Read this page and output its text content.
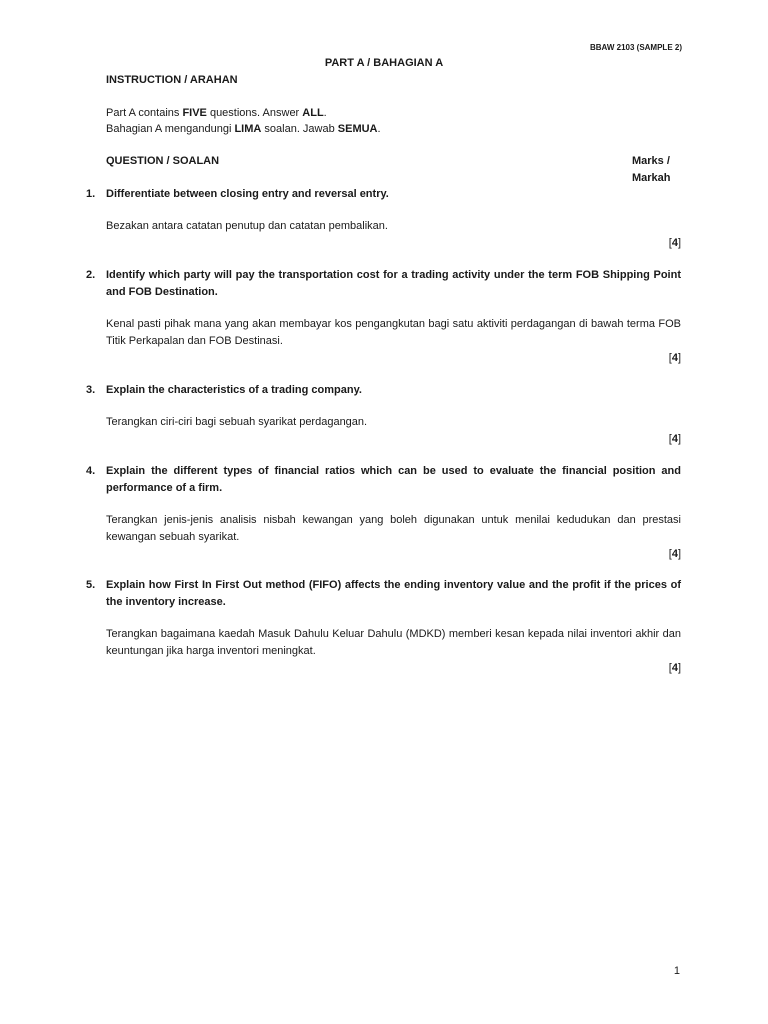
BBAW 2103 (SAMPLE 2)
PART A / BAHAGIAN A
INSTRUCTION / ARAHAN
Part A contains FIVE questions. Answer ALL.
Bahagian A mengandungi LIMA soalan. Jawab SEMUA.
QUESTION / SOALAN	Marks /
Markah
1. Differentiate between closing entry and reversal entry.
Bezakan antara catatan penutup dan catatan pembalikan.
[4]
2. Identify which party will pay the transportation cost for a trading activity under the term FOB Shipping Point and FOB Destination.
Kenal pasti pihak mana yang akan membayar kos pengangkutan bagi satu aktiviti perdagangan di bawah terma FOB Titik Perkapalan dan FOB Destinasi.
[4]
3. Explain the characteristics of a trading company.
Terangkan ciri-ciri bagi sebuah syarikat perdagangan.
[4]
4. Explain the different types of financial ratios which can be used to evaluate the financial position and performance of a firm.
Terangkan jenis-jenis analisis nisbah kewangan yang boleh digunakan untuk menilai kedudukan dan prestasi kewangan sebuah syarikat.
[4]
5. Explain how First In First Out method (FIFO) affects the ending inventory value and the profit if the prices of the inventory increase.
Terangkan bagaimana kaedah Masuk Dahulu Keluar Dahulu (MDKD) memberi kesan kepada nilai inventori akhir dan keuntungan jika harga inventori meningkat.
[4]
1
